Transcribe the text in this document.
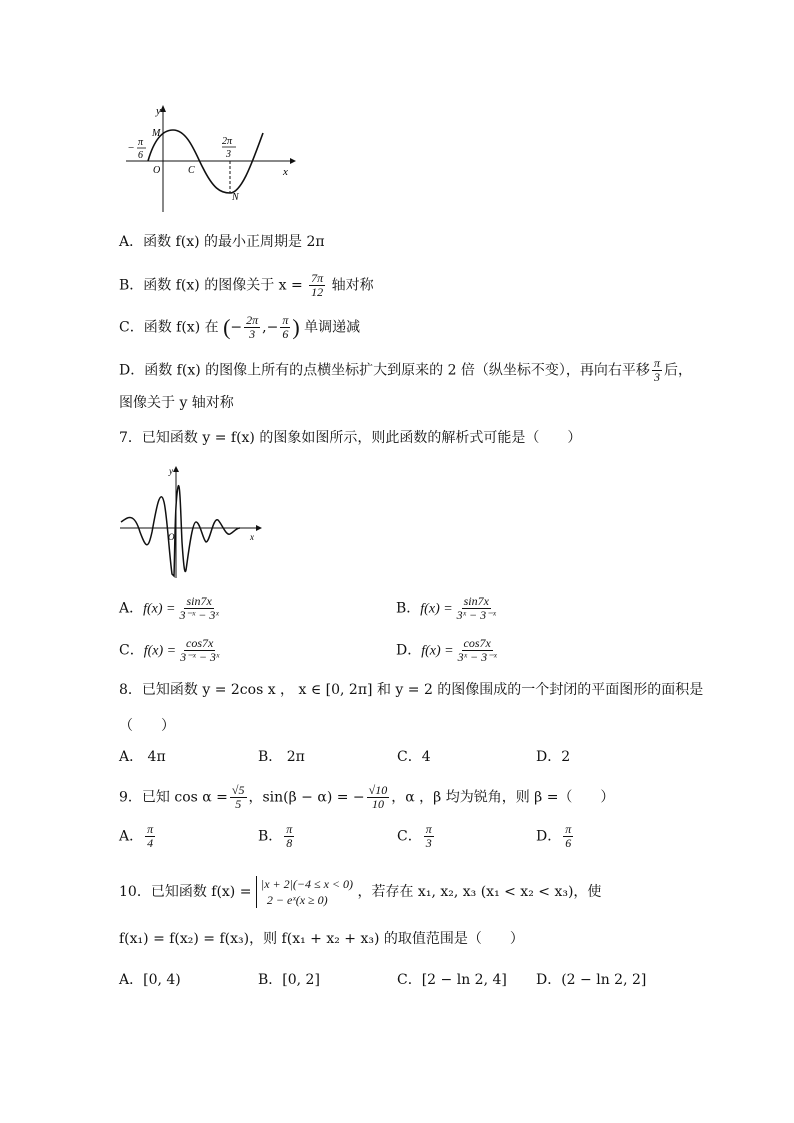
y
x
M
O	C
N
− π
6
2π
3
A．函数 f(x) 的最小正周期是 2π
B．函数 f(x) 的图像关于 $x = \frac{7\pi}{12}$ 轴对称
C．函数 f(x) 在 (− $\frac{2\pi}{3}$ ,− $\frac{\pi}{6}$ ) 单调递减
D．函数 f(x) 的图像上所有的点横坐标扩大到原来的 2 倍（纵坐标不变），再向右平移 $\frac{\pi}{3}$ 后，
图像关于 y 轴对称
7．已知函数 y = f(x) 的图象如图所示，则此函数的解析式可能是（　　）
y
x
O
A．$f(x) = \frac{\sin 7x}{\text{3⁻ˣ − 3ˣ}}$	B．$f(x) = \frac{\sin 7x}{\text{3ˣ − 3⁻ˣ}}$
C．$f(x) = \frac{\cos 7x}{\text{3⁻ˣ − 3ˣ}}$	D．$f(x) = \frac{\cos 7x}{\text{3ˣ − 3⁻ˣ}}$
8．已知函数 y = 2cos x ， x ∈ [0, 2π] 和 y = 2 的图像围成的一个封闭的平面图形的面积是
（　　）
A． 4π	B． 2π	C．4	D．2
9．已知 $\cos \alpha = \frac{√5}{5}$ ，sin(β − α) = − $\frac{√10}{10}$ ，α ，β 均为锐角，则 β =（　　）
A． $\frac{\pi}{4}$	B． $\frac{\pi}{8}$	C． $\frac{\pi}{3}$	D． $\frac{\pi}{6}$
10．已知函数 f(x) = |x + 2|(−4 ≤ x < 0)
2 − eˣ(x ≥ 0)	，若存在 x₁, x₂, x₃ (x₁ < x₂ < x₃)，使
f(x₁) = f(x₂) = f(x₃)，则 f(x₁ + x₂ + x₃) 的取值范围是（　　）
A．[0, 4)	B．[0, 2]	C．[2 − ln 2, 4] D．(2 − ln 2, 2]
